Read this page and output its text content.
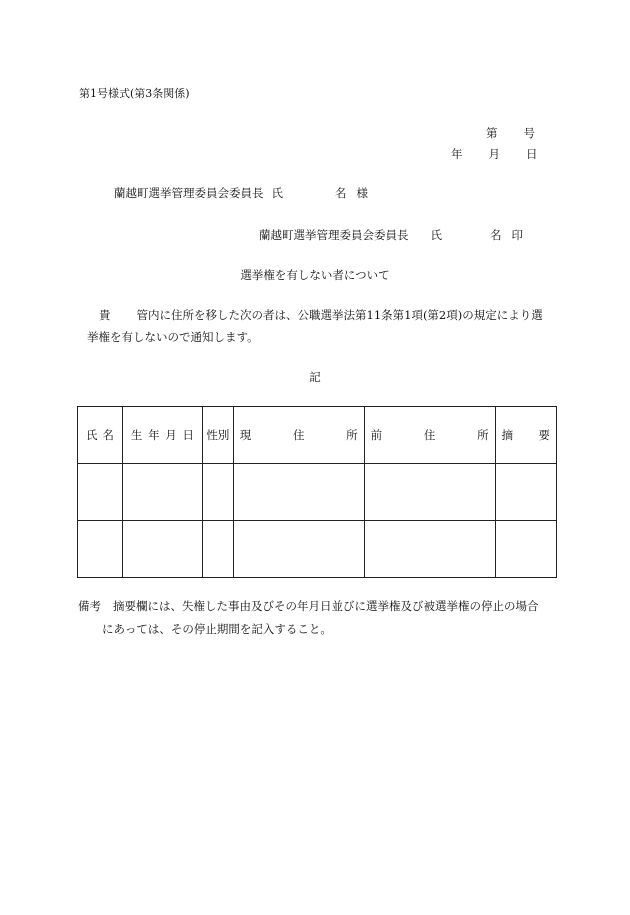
第1号様式(第3条関係)
第 号
年 月 日
蘭越町選挙管理委員会委員長 氏	名 様
蘭越町選挙管理委員会委員長 氏	名 印
選挙権を有しない者について
貴 管内に住所を移した次の者は、公職選挙法第11条第1項(第2項)の規定により選
挙権を有しないので通知します。
記
氏 名	生 年 月 日	性別	現 住 所	前 住 所	摘 要

備考 摘要欄には、失権した事由及びその年月日並びに選挙権及び被選挙権の停止の場合
にあっては、その停止期間を記入すること。
